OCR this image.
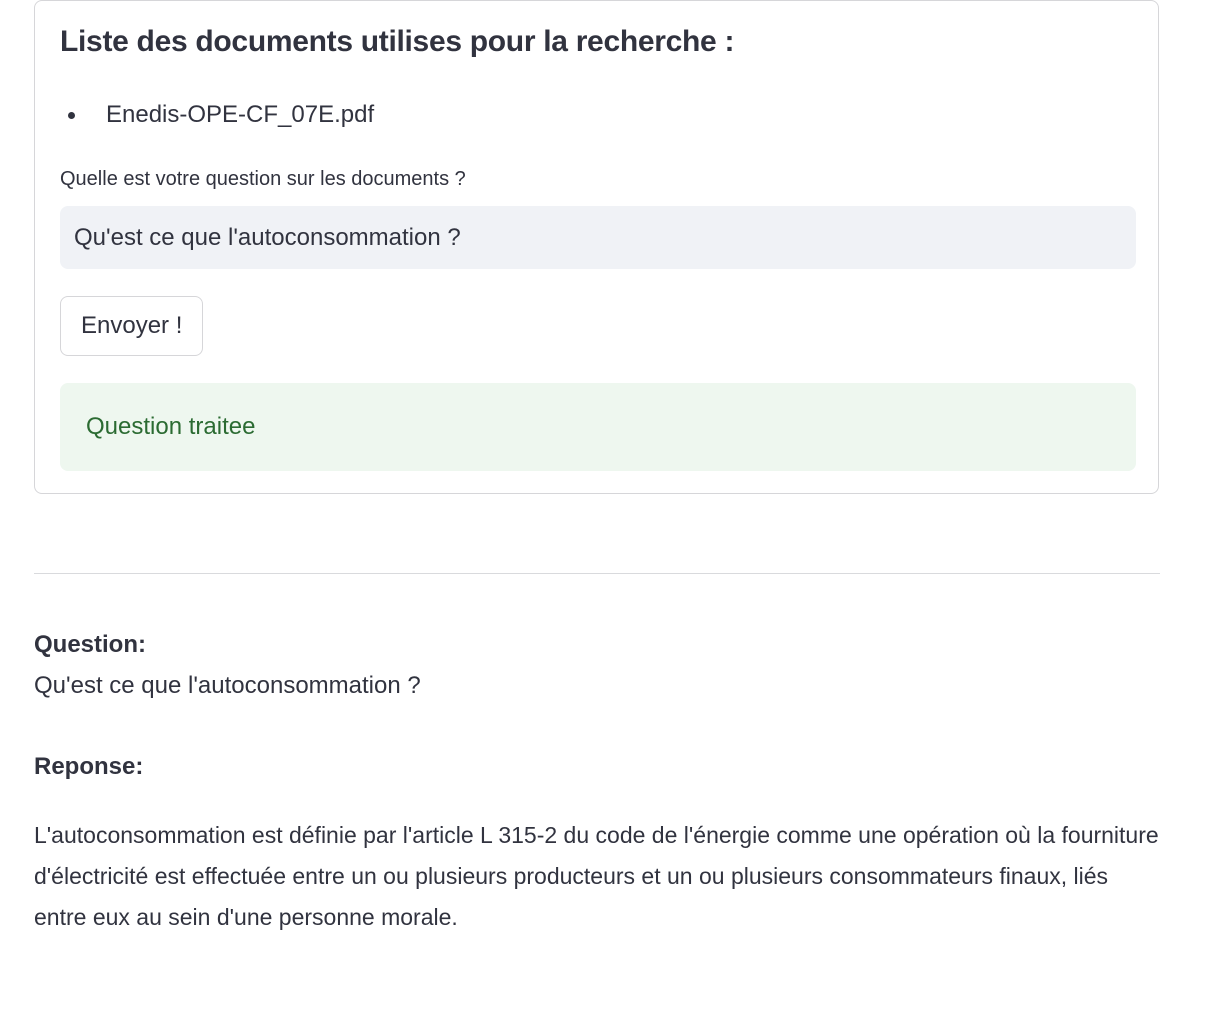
Liste des documents utilises pour la recherche :
Enedis-OPE-CF_07E.pdf
Quelle est votre question sur les documents ?
Qu'est ce que l'autoconsommation ?
Envoyer !
Question traitee
Question:
Qu'est ce que l'autoconsommation ?
Reponse:

L'autoconsommation est définie par l'article L 315-2 du code de l'énergie comme une opération où la fourniture d'électricité est effectuée entre un ou plusieurs producteurs et un ou plusieurs consommateurs finaux, liés entre eux au sein d'une personne morale.
